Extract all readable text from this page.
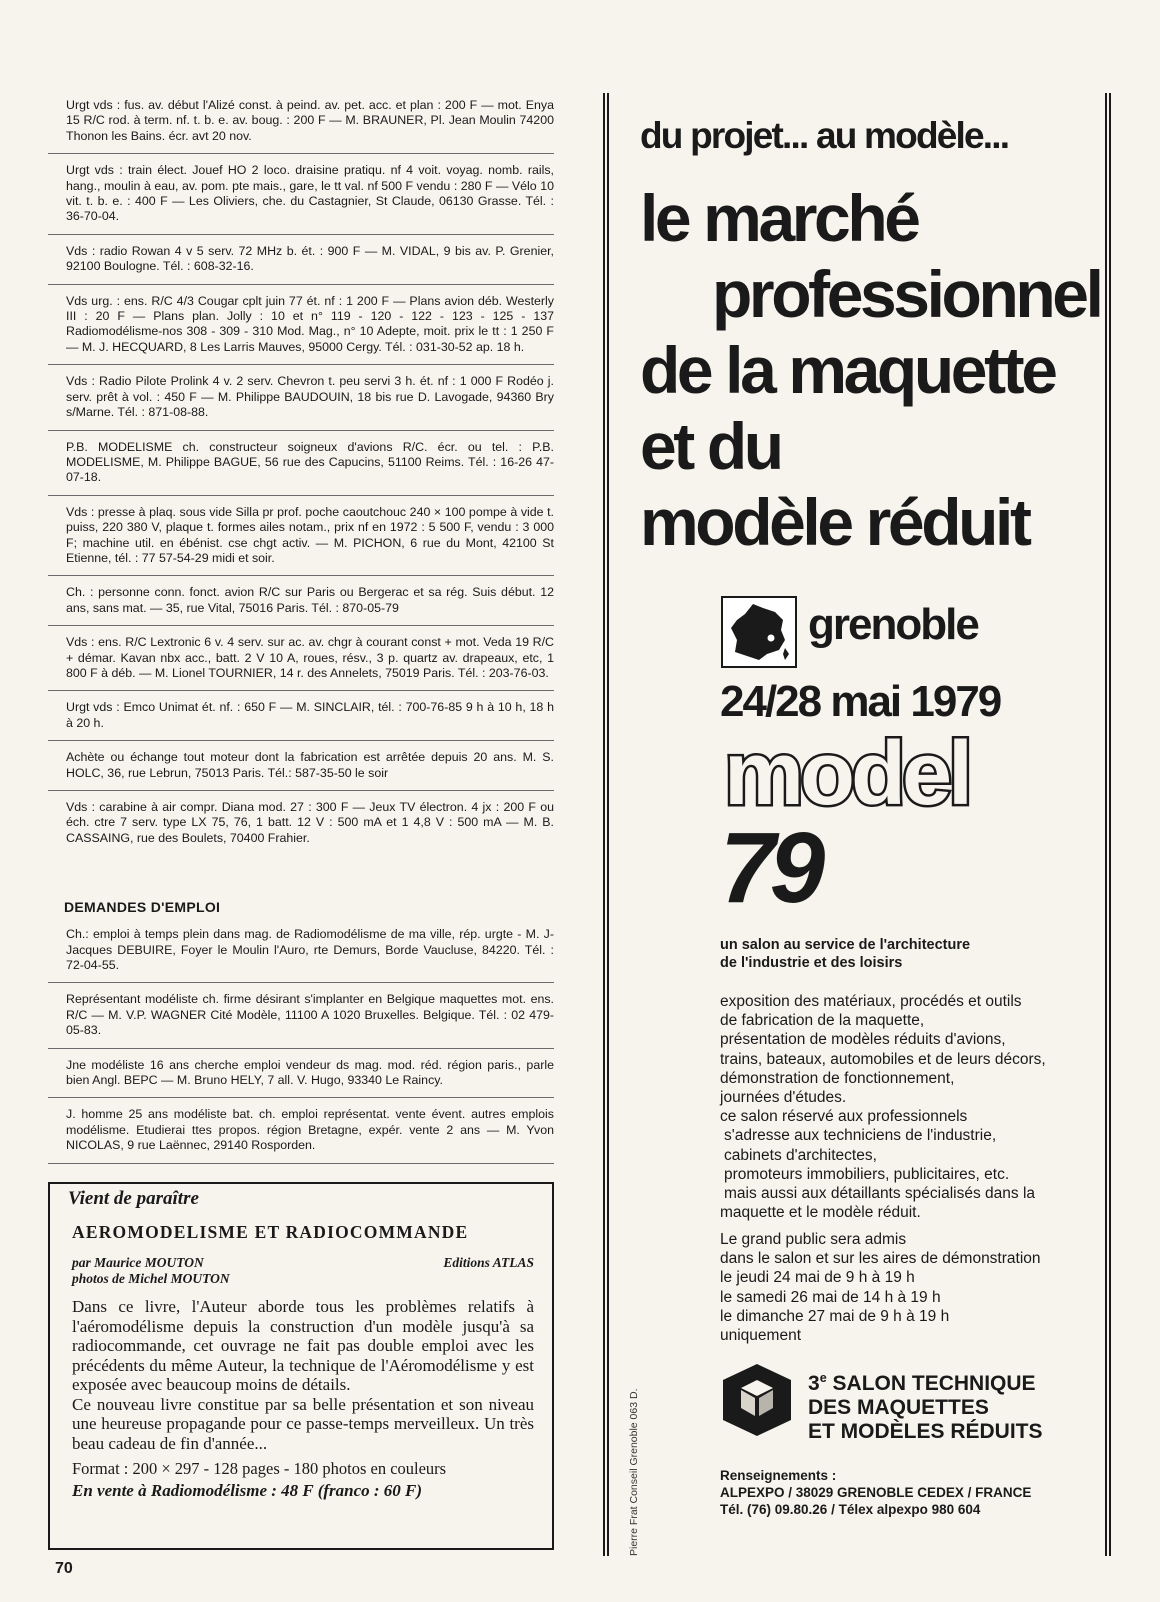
Urgt vds : fus. av. début l'Alizé const. à peind. av. pet. acc. et plan : 200 F — mot. Enya 15 R/C rod. à term. nf. t. b. e. av. boug. : 200 F — M. BRAUNER, Pl. Jean Moulin 74200 Thonon les Bains. écr. avt 20 nov.

Urgt vds : train élect. Jouef HO 2 loco. draisine pratiqu. nf 4 voit. voyag. nomb. rails, hang., moulin à eau, av. pom. pte mais., gare, le tt val. nf 500 F vendu : 280 F — Vélo 10 vit. t. b. e. : 400 F — Les Oliviers, che. du Castagnier, St Claude, 06130 Grasse. Tél. : 36-70-04.

Vds : radio Rowan 4 v 5 serv. 72 MHz b. ét. : 900 F — M. VIDAL, 9 bis av. P. Grenier, 92100 Boulogne. Tél. : 608-32-16.

Vds urg. : ens. R/C 4/3 Cougar cplt juin 77 ét. nf : 1 200 F — Plans avion déb. Westerly III : 20 F — Plans plan. Jolly : 10 et n° 119 - 120 - 122 - 123 - 125 - 137 Radiomodélisme-nos 308 - 309 - 310 Mod. Mag., n° 10 Adepte, moit. prix le tt : 1 250 F — M. J. HECQUARD, 8 Les Larris Mauves, 95000 Cergy. Tél. : 031-30-52 ap. 18 h.

Vds : Radio Pilote Prolink 4 v. 2 serv. Chevron t. peu servi 3 h. ét. nf : 1 000 F Rodéo j. serv. prêt à vol. : 450 F — M. Philippe BAUDOUIN, 18 bis rue D. Lavogade, 94360 Bry s/Marne. Tél. : 871-08-88.

P.B. MODELISME ch. constructeur soigneux d'avions R/C. écr. ou tel. : P.B. MODELISME, M. Philippe BAGUE, 56 rue des Capucins, 51100 Reims. Tél. : 16-26 47-07-18.

Vds : presse à plaq. sous vide Silla pr prof. poche caoutchouc 240 × 100 pompe à vide t. puiss, 220 380 V, plaque t. formes ailes notam., prix nf en 1972 : 5 500 F, vendu : 3 000 F; machine util. en ébénist. cse chgt activ. — M. PICHON, 6 rue du Mont, 42100 St Etienne, tél. : 77 57-54-29 midi et soir.

Ch. : personne conn. fonct. avion R/C sur Paris ou Bergerac et sa rég. Suis début. 12 ans, sans mat. — 35, rue Vital, 75016 Paris. Tél. : 870-05-79

Vds : ens. R/C Lextronic 6 v. 4 serv. sur ac. av. chgr à courant const + mot. Veda 19 R/C + démar. Kavan nbx acc., batt. 2 V 10 A, roues, résv., 3 p. quartz av. drapeaux, etc, 1 800 F à déb. — M. Lionel TOURNIER, 14 r. des Annelets, 75019 Paris. Tél. : 203-76-03.

Urgt vds : Emco Unimat ét. nf. : 650 F — M. SINCLAIR, tél. : 700-76-85 9 h à 10 h, 18 h à 20 h.

Achète ou échange tout moteur dont la fabrication est arrêtée depuis 20 ans. M. S. HOLC, 36, rue Lebrun, 75013 Paris. Tél.: 587-35-50 le soir

Vds : carabine à air compr. Diana mod. 27 : 300 F — Jeux TV électron. 4 jx : 200 F ou éch. ctre 7 serv. type LX 75, 76, 1 batt. 12 V : 500 mA et 1 4,8 V : 500 mA — M. B. CASSAING, rue des Boulets, 70400 Frahier.

DEMANDES D'EMPLOI

Ch.: emploi à temps plein dans mag. de Radiomodélisme de ma ville, rép. urgte - M. J-Jacques DEBUIRE, Foyer le Moulin l'Auro, rte Demurs, Borde Vaucluse, 84220. Tél. : 72-04-55.

Représentant modéliste ch. firme désirant s'implanter en Belgique maquettes mot. ens. R/C — M. V.P. WAGNER Cité Modèle, 11100 A 1020 Bruxelles. Belgique. Tél. : 02 479-05-83.

Jne modéliste 16 ans cherche emploi vendeur ds mag. mod. réd. région paris., parle bien Angl. BEPC — M. Bruno HELY, 7 all. V. Hugo, 93340 Le Raincy.

J. homme 25 ans modéliste bat. ch. emploi représentat. vente évent. autres emplois modélisme. Etudierai ttes propos. région Bretagne, expér. vente 2 ans — M. Yvon NICOLAS, 9 rue Laënnec, 29140 Rosporden.

Vient de paraître

AEROMODELISME ET RADIOCOMMANDE

par Maurice MOUTON
photos de Michel MOUTON
Editions ATLAS

Dans ce livre, l'Auteur aborde tous les problèmes relatifs à l'aéromodélisme depuis la construction d'un modèle jusqu'à sa radiocommande, cet ouvrage ne fait pas double emploi avec les précédents du même Auteur, la technique de l'Aéromodélisme y est exposée avec beaucoup moins de détails.

Ce nouveau livre constitue par sa belle présentation et son niveau une heureuse propagande pour ce passe-temps merveilleux. Un très beau cadeau de fin d'année...

Format : 200 × 297 - 128 pages - 180 photos en couleurs

En vente à Radiomodélisme : 48 F (franco : 60 F)

70
du projet... au modèle...
le marché
professionnel
de la maquette
et du
modèle réduit
grenoble
24/28 mai 1979
model
79
un salon au service de l'architecture
de l'industrie et des loisirs

exposition des matériaux, procédés et outils

de fabrication de la maquette,

présentation de modèles réduits d'avions,

trains, bateaux, automobiles et de leurs décors,

démonstration de fonctionnement,

journées d'études.

ce salon réservé aux professionnels

s'adresse aux techniciens de l'industrie,

cabinets d'architectes,

promoteurs immobiliers, publicitaires, etc.

mais aussi aux détaillants spécialisés dans la

maquette et le modèle réduit.

Le grand public sera admis

dans le salon et sur les aires de démonstration

le jeudi 24 mai de 9 h à 19 h

le samedi 26 mai de 14 h à 19 h

le dimanche 27 mai de 9 h à 19 h

uniquement

3e SALON TECHNIQUE
DES MAQUETTES
ET MODÈLES RÉDUITS
Renseignements :
ALPEXPO / 38029 GRENOBLE CEDEX / FRANCE
Tél. (76) 09.80.26 / Télex alpexpo 980 604
Pierre Frat Conseil Grenoble 063 D.
